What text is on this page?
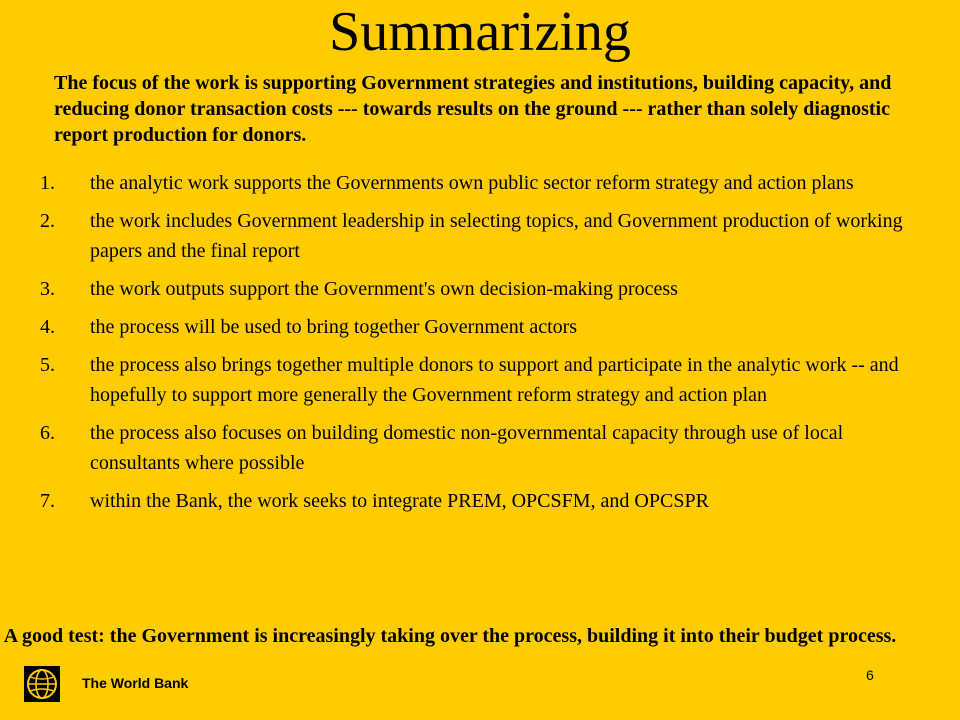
Summarizing
The focus of the work is supporting Government strategies and institutions, building capacity, and reducing donor transaction costs --- towards results on the ground --- rather than solely diagnostic report production for donors.
1. the analytic work supports the Governments own public sector reform strategy and action plans
2. the work includes Government leadership in selecting topics, and Government production of working papers and the final report
3. the work outputs support the Government's own decision-making process
4. the process will be used to bring together Government actors
5. the process also brings together multiple donors to support and participate in the analytic work -- and hopefully to support more generally the Government reform strategy and action plan
6. the process also focuses on building domestic non-governmental capacity through use of local consultants where possible
7. within the Bank, the work seeks to integrate PREM, OPCSFM, and OPCSPR
A good test: the Government is increasingly taking over the process, building it into their budget process.
The World Bank	6
